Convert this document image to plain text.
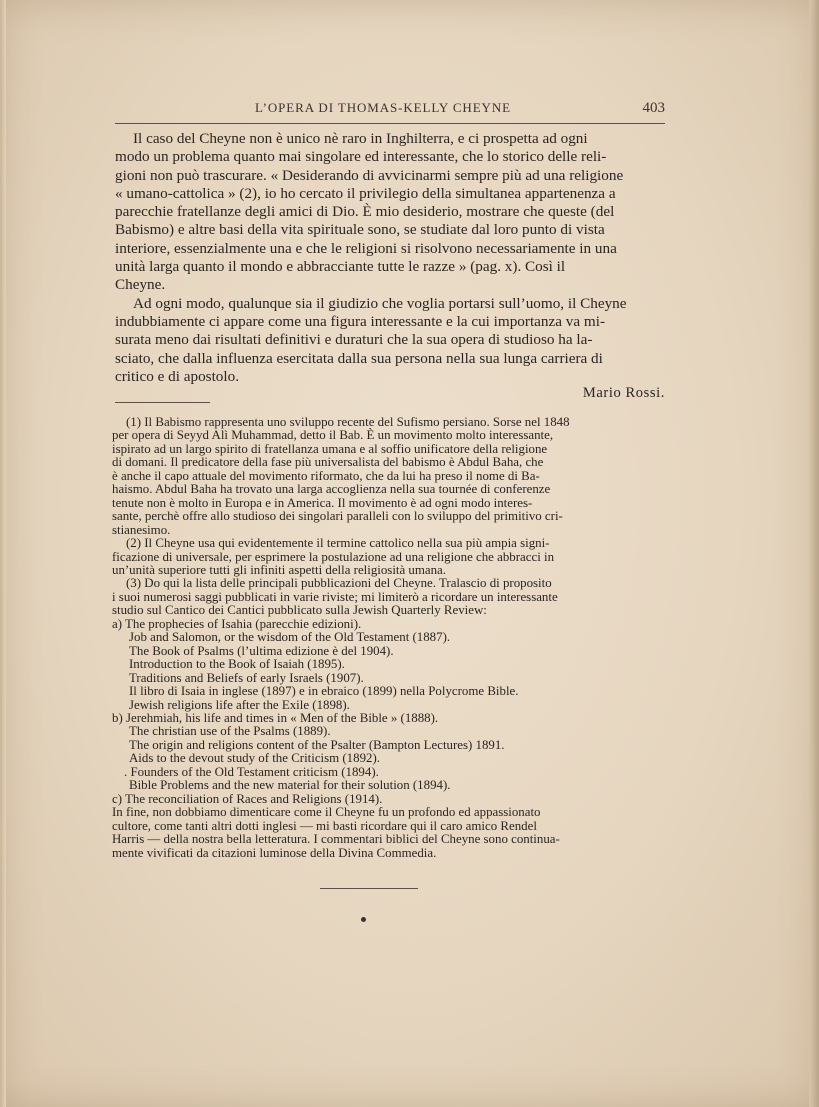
L’OPERA DI THOMAS-KELLY CHEYNE	403

Il caso del Cheyne non è unico nè raro in Inghilterra, e ci prospetta ad ogni
modo un problema quanto mai singolare ed interessante, che lo storico delle reli-
gioni non può trascurare. « Desiderando di avvicinarmi sempre più ad una religione
« umano-cattolica » (2), io ho cercato il privilegio della simultanea appartenenza a
parecchie fratellanze degli amici di Dio. È mio desiderio, mostrare che queste (del
Babismo) e altre basi della vita spirituale sono, se studiate dal loro punto di vista
interiore, essenzialmente una e che le religioni si risolvono necessariamente in una
unità larga quanto il mondo e abbracciante tutte le razze » (pag. x). Così il
Cheyne.

Ad ogni modo, qualunque sia il giudizio che voglia portarsi sull’uomo, il Cheyne
indubbiamente ci appare come una figura interessante e la cui importanza va mi-
surata meno dai risultati definitivi e duraturi che la sua opera di studioso ha la-
sciato, che dalla influenza esercitata dalla sua persona nella sua lunga carriera di
critico e di apostolo.

Mario Rossi.
(1) Il Babismo rappresenta uno sviluppo recente del Sufismo persiano. Sorse nel 1848
per opera di Seyyd Alì Muhammad, detto il Bab. È un movimento molto interessante,
ispirato ad un largo spirito di fratellanza umana e al soffio unificatore della religione
di domani. Il predicatore della fase più universalista del babismo è Abdul Baha, che
è anche il capo attuale del movimento riformato, che da lui ha preso il nome di Ba-
haismo. Abdul Baha ha trovato una larga accoglienza nella sua tournée di conferenze
tenute non è molto in Europa e in America. Il movimento è ad ogni modo interes-
sante, perchè offre allo studioso dei singolari paralleli con lo sviluppo del primitivo cri-
stianesimo.
(2) Il Cheyne usa qui evidentemente il termine cattolico nella sua più ampia signi-
ficazione di universale, per esprimere la postulazione ad una religione che abbracci in
un’unità superiore tutti gli infiniti aspetti della religiosità umana.
(3) Do qui la lista delle principali pubblicazioni del Cheyne. Tralascio di proposito
i suoi numerosi saggi pubblicati in varie riviste; mi limiterò a ricordare un interessante
studio sul Cantico dei Cantici pubblicato sulla Jewish Quarterly Review:
a) The prophecies of Isahia (parecchie edizioni).
Job and Salomon, or the wisdom of the Old Testament (1887).
The Book of Psalms (l’ultima edizione è del 1904).
Introduction to the Book of Isaiah (1895).
Traditions and Beliefs of early Israels (1907).
Il libro di Isaia in inglese (1897) e in ebraico (1899) nella Polycrome Bible.
Jewish religions life after the Exile (1898).
b) Jerehmiah, his life and times in « Men of the Bible » (1888).
The christian use of the Psalms (1889).
The origin and religions content of the Psalter (Bampton Lectures) 1891.
Aids to the devout study of the Criticism (1892).
. Founders of the Old Testament criticism (1894).
Bible Problems and the new material for their solution (1894).
c) The reconciliation of Races and Religions (1914).
In fine, non dobbiamo dimenticare come il Cheyne fu un profondo ed appassionato
cultore, come tanti altri dotti inglesi — mi basti ricordare qui il caro amico Rendel
Harris — della nostra bella letteratura. I commentari biblici del Cheyne sono continua-
mente vivificati da citazioni luminose della Divina Commedia.
